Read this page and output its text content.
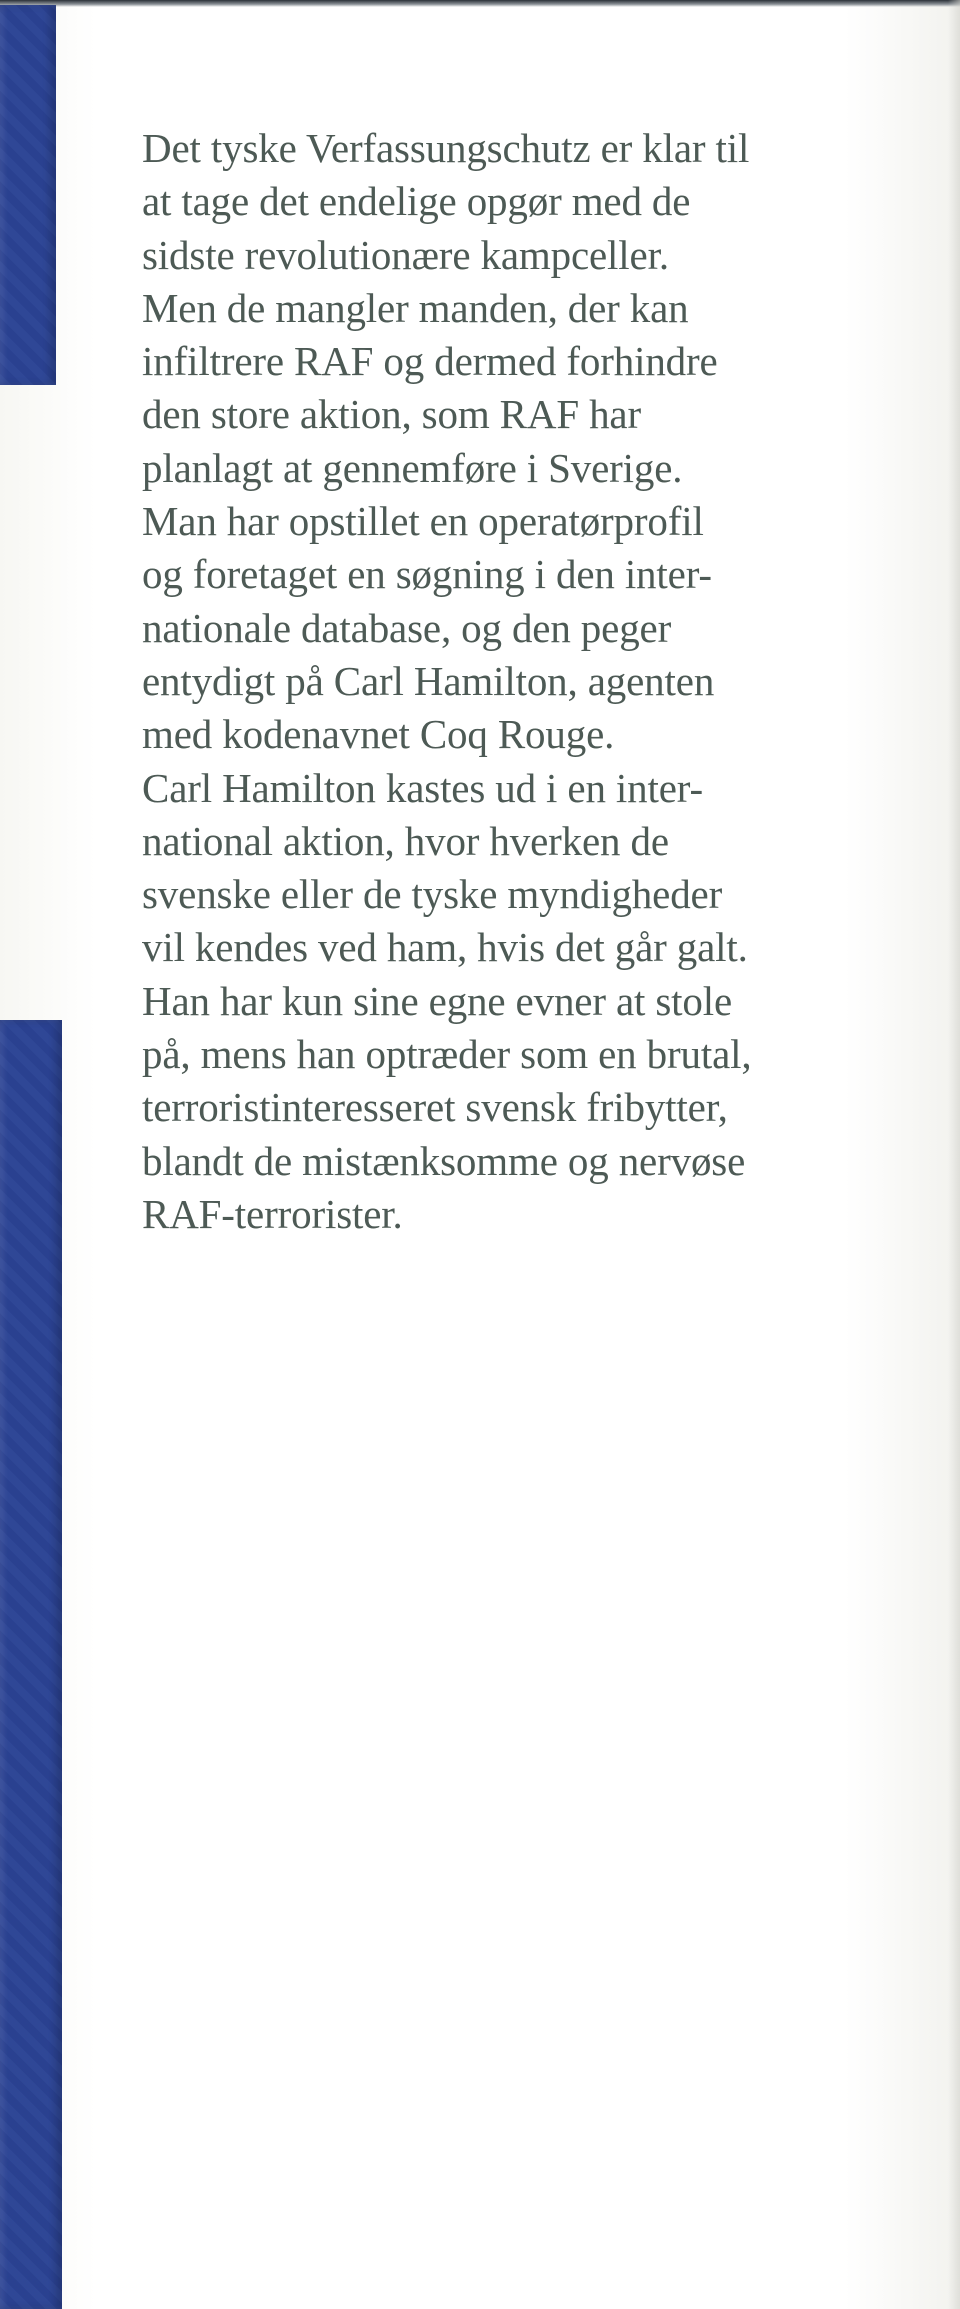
Det tyske Verfassungschutz er klar til
at tage det endelige opgør med de
sidste revolutionære kampceller.
Men de mangler manden, der kan
infiltrere RAF og dermed forhindre
den store aktion, som RAF har
planlagt at gennemføre i Sverige.
Man har opstillet en operatørprofil
og foretaget en søgning i den inter-
nationale database, og den peger
entydigt på Carl Hamilton, agenten
med kodenavnet Coq Rouge.
Carl Hamilton kastes ud i en inter-
national aktion, hvor hverken de
svenske eller de tyske myndigheder
vil kendes ved ham, hvis det går galt.
Han har kun sine egne evner at stole
på, mens han optræder som en brutal,
terroristinteresseret svensk fribytter,
blandt de mistænksomme og nervøse
RAF-terrorister.
